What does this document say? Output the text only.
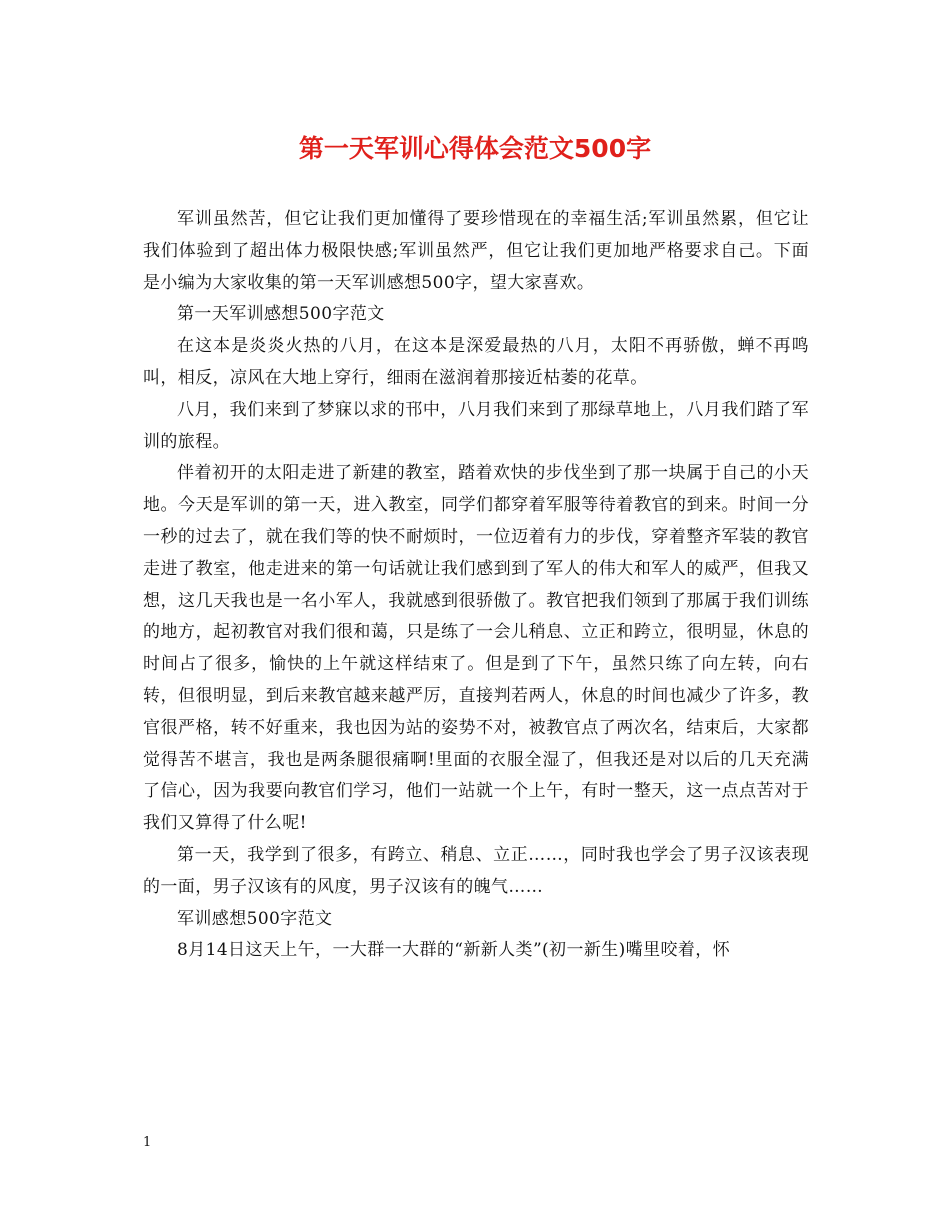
第一天军训心得体会范文500字

军训虽然苦，但它让我们更加懂得了要珍惜现在的幸福生活;军训虽然累，但它让我们体验到了超出体力极限快感;军训虽然严，但它让我们更加地严格要求自己。下面是小编为大家收集的第一天军训感想500字，望大家喜欢。

第一天军训感想500字范文

在这本是炎炎火热的八月，在这本是深爱最热的八月，太阳不再骄傲，蝉不再鸣叫，相反，凉风在大地上穿行，细雨在滋润着那接近枯萎的花草。

八月，我们来到了梦寐以求的邗中，八月我们来到了那绿草地上，八月我们踏了军训的旅程。

伴着初开的太阳走进了新建的教室，踏着欢快的步伐坐到了那一块属于自己的小天地。今天是军训的第一天，进入教室，同学们都穿着军服等待着教官的到来。时间一分一秒的过去了，就在我们等的快不耐烦时，一位迈着有力的步伐，穿着整齐军装的教官走进了教室，他走进来的第一句话就让我们感到到了军人的伟大和军人的威严，但我又想，这几天我也是一名小军人，我就感到很骄傲了。教官把我们领到了那属于我们训练的地方，起初教官对我们很和蔼，只是练了一会儿稍息、立正和跨立，很明显，休息的时间占了很多，愉快的上午就这样结束了。但是到了下午，虽然只练了向左转，向右转，但很明显，到后来教官越来越严厉，直接判若两人，休息的时间也减少了许多，教官很严格，转不好重来，我也因为站的姿势不对，被教官点了两次名，结束后，大家都觉得苦不堪言，我也是两条腿很痛啊!里面的衣服全湿了，但我还是对以后的几天充满了信心，因为我要向教官们学习，他们一站就一个上午，有时一整天，这一点点苦对于我们又算得了什么呢!

第一天，我学到了很多，有跨立、稍息、立正……，同时我也学会了男子汉该表现的一面，男子汉该有的风度，男子汉该有的魄气……

军训感想500字范文

8月14日这天上午，一大群一大群的“新新人类”(初一新生)嘴里咬着，怀

1
